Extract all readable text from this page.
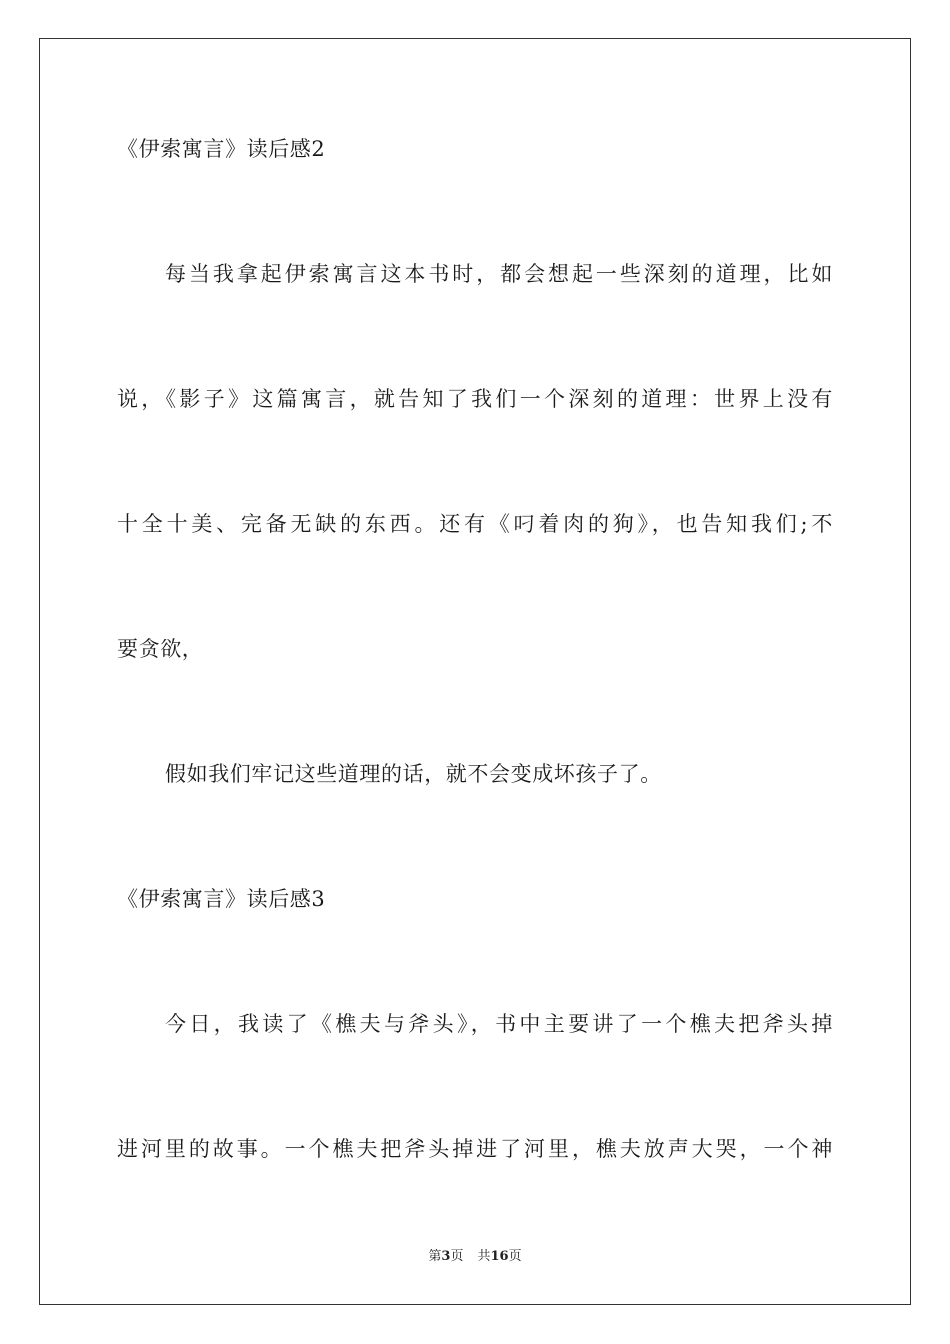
《伊索寓言》读后感2
每当我拿起伊索寓言这本书时，都会想起一些深刻的道理，比如
说，《影子》这篇寓言，就告知了我们一个深刻的道理：世界上没有
十全十美、完备无缺的东西。还有《叼着肉的狗》，也告知我们;不
要贪欲，
假如我们牢记这些道理的话，就不会变成坏孩子了。
《伊索寓言》读后感3
今日，我读了《樵夫与斧头》，书中主要讲了一个樵夫把斧头掉
进河里的故事。一个樵夫把斧头掉进了河里，樵夫放声大哭，一个神
第3页 共16页
